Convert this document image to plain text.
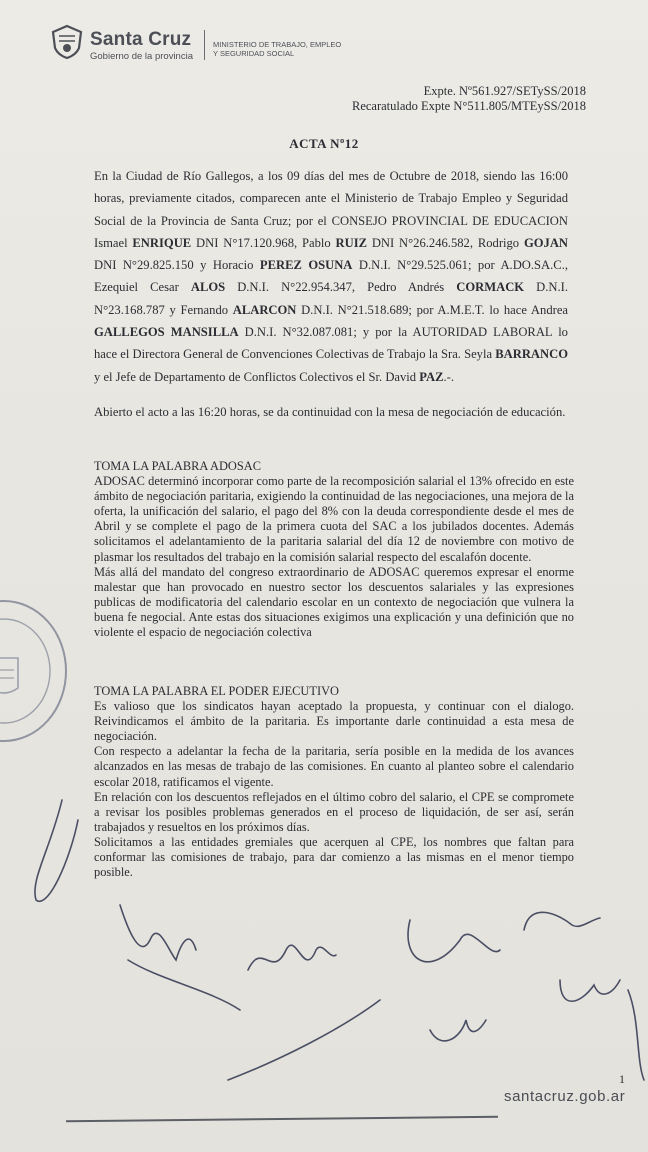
Santa Cruz
Gobierno de la provincia
MINISTERIO DE TRABAJO, EMPLEO
Y SEGURIDAD SOCIAL
Expte. Nº561.927/SETySS/2018
Recaratulado Expte N°511.805/MTEySS/2018
ACTA Nº12
En la Ciudad de Río Gallegos, a los 09 días del mes de Octubre de 2018, siendo las 16:00 horas, previamente citados, comparecen ante el Ministerio de Trabajo Empleo y Seguridad Social de la Provincia de Santa Cruz; por el CONSEJO PROVINCIAL DE EDUCACION Ismael ENRIQUE DNI N°17.120.968, Pablo RUIZ DNI N°26.246.582, Rodrigo GOJAN DNI N°29.825.150 y Horacio PEREZ OSUNA D.N.I. N°29.525.061; por A.DO.SA.C., Ezequiel Cesar ALOS D.N.I. N°22.954.347, Pedro Andrés CORMACK D.N.I. N°23.168.787 y Fernando ALARCON D.N.I. N°21.518.689; por A.M.E.T. lo hace Andrea GALLEGOS MANSILLA D.N.I. N°32.087.081; y por la AUTORIDAD LABORAL lo hace el Directora General de Convenciones Colectivas de Trabajo la Sra. Seyla BARRANCO y el Jefe de Departamento de Conflictos Colectivos el Sr. David PAZ.-.
Abierto el acto a las 16:20 horas, se da continuidad con la mesa de negociación de educación.

TOMA LA PALABRA ADOSAC

ADOSAC determinó incorporar como parte de la recomposición salarial el 13% ofrecido en este ámbito de negociación paritaria, exigiendo la continuidad de las negociaciones, una mejora de la oferta, la unificación del salario, el pago del 8% con la deuda correspondiente desde el mes de Abril y se complete el pago de la primera cuota del SAC a los jubilados docentes. Además solicitamos el adelantamiento de la paritaria salarial del día 12 de noviembre con motivo de plasmar los resultados del trabajo en la comisión salarial respecto del escalafón docente.

Más allá del mandato del congreso extraordinario de ADOSAC queremos expresar el enorme malestar que han provocado en nuestro sector los descuentos salariales y las expresiones publicas de modificatoria del calendario escolar en un contexto de negociación que vulnera la buena fe negocial. Ante estas dos situaciones exigimos una explicación y una definición que no violente el espacio de negociación colectiva

TOMA LA PALABRA EL PODER EJECUTIVO

Es valioso que los sindicatos hayan aceptado la propuesta, y continuar con el dialogo. Reivindicamos el ámbito de la paritaria. Es importante darle continuidad a esta mesa de negociación.

Con respecto a adelantar la fecha de la paritaria, sería posible en la medida de los avances alcanzados en las mesas de trabajo de las comisiones. En cuanto al planteo sobre el calendario escolar 2018, ratificamos el vigente.

En relación con los descuentos reflejados en el último cobro del salario, el CPE se compromete a revisar los posibles problemas generados en el proceso de liquidación, de ser así, serán trabajados y resueltos en los próximos días.

Solicitamos a las entidades gremiales que acerquen al CPE, los nombres que faltan para conformar las comisiones de trabajo, para dar comienzo a las mismas en el menor tiempo posible.

1
santacruz.gob.ar
